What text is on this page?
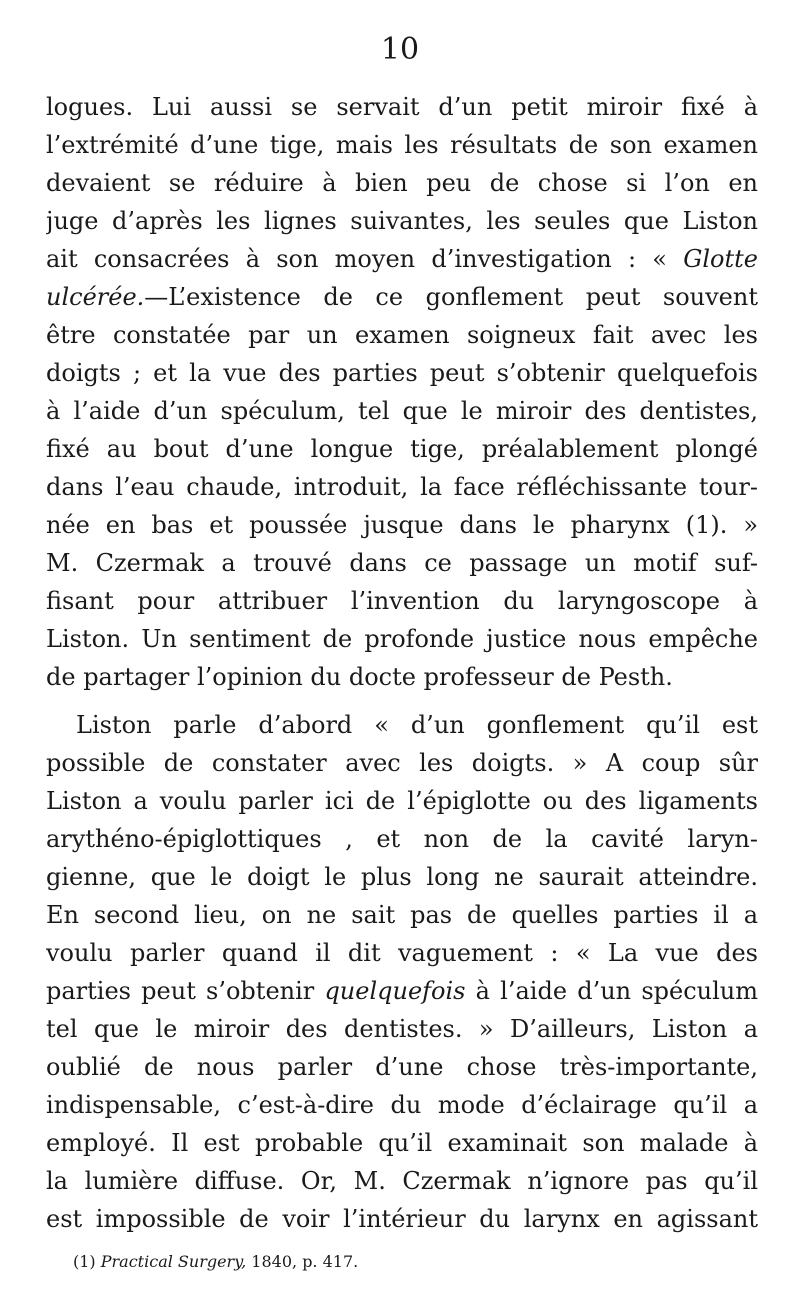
10
logues. Lui aussi se servait d’un petit miroir fixé à
l’extrémité d’une tige, mais les résultats de son examen
devaient se réduire à bien peu de chose si l’on en
juge d’après les lignes suivantes, les seules que Liston
ait consacrées à son moyen d’investigation : « Glotte
ulcérée.—L’existence de ce gonflement peut souvent
être constatée par un examen soigneux fait avec les
doigts ; et la vue des parties peut s’obtenir quelquefois
à l’aide d’un spéculum, tel que le miroir des dentistes,
fixé au bout d’une longue tige, préalablement plongé
dans l’eau chaude, introduit, la face réfléchissante tour-
née en bas et poussée jusque dans le pharynx (1). »
M. Czermak a trouvé dans ce passage un motif suf-
fisant pour attribuer l’invention du laryngoscope à
Liston. Un sentiment de profonde justice nous empêche
de partager l’opinion du docte professeur de Pesth.
Liston parle d’abord « d’un gonflement qu’il est
possible de constater avec les doigts. » A coup sûr
Liston a voulu parler ici de l’épiglotte ou des ligaments
arythéno-épiglottiques , et non de la cavité laryn-
gienne, que le doigt le plus long ne saurait atteindre.
En second lieu, on ne sait pas de quelles parties il a
voulu parler quand il dit vaguement : « La vue des
parties peut s’obtenir quelquefois à l’aide d’un spéculum
tel que le miroir des dentistes. » D’ailleurs, Liston a
oublié de nous parler d’une chose très-importante,
indispensable, c’est-à-dire du mode d’éclairage qu’il a
employé. Il est probable qu’il examinait son malade à
la lumière diffuse. Or, M. Czermak n’ignore pas qu’il
est impossible de voir l’intérieur du larynx en agissant
(1) Practical Surgery, 1840, p. 417.
